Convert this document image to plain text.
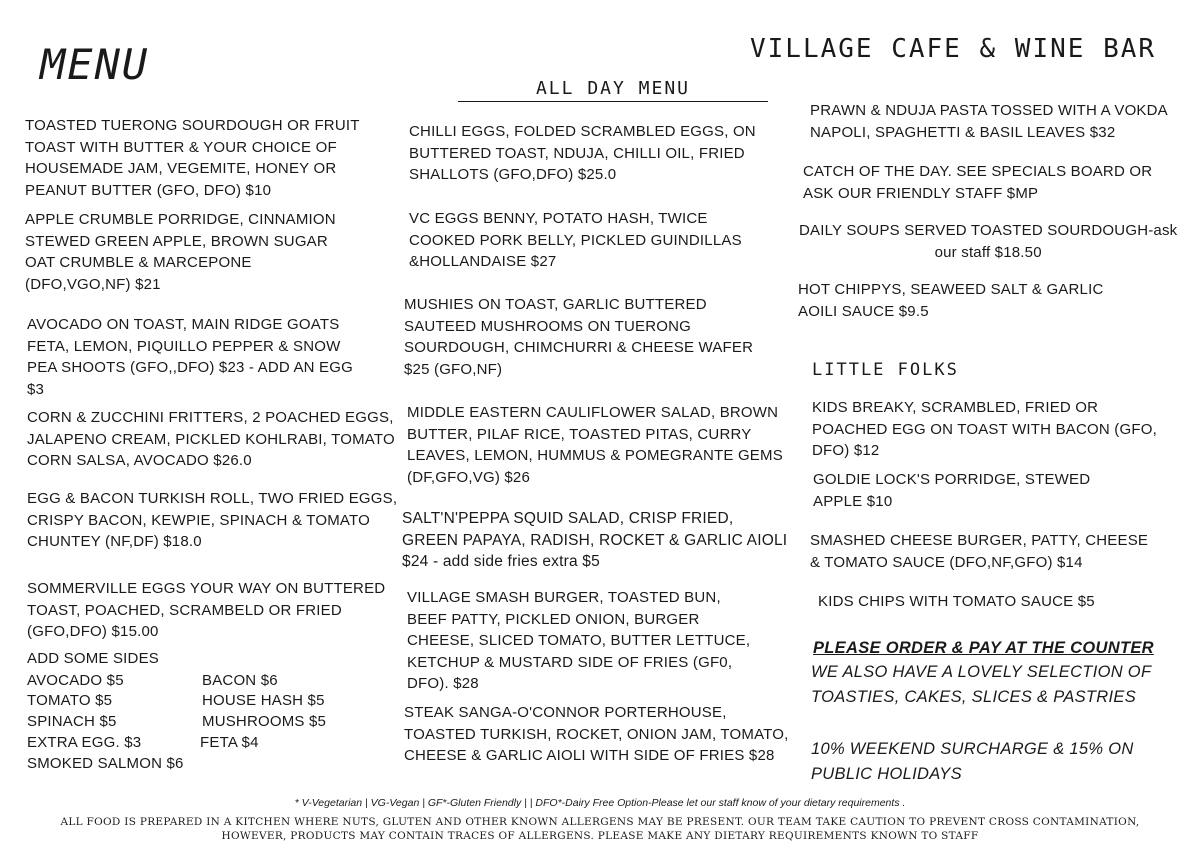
MENU	VILLAGE CAFE & WINE BAR
ALL DAY MENU
TOASTED TUERONG SOURDOUGH OR FRUIT
TOAST WITH BUTTER & YOUR CHOICE OF
HOUSEMADE JAM, VEGEMITE, HONEY OR
PEANUT BUTTER (GFO, DFO) $10
APPLE CRUMBLE PORRIDGE, CINNAMION
STEWED GREEN APPLE, BROWN SUGAR
OAT CRUMBLE & MARCEPONE
(DFO,VGO,NF) $21
AVOCADO ON TOAST, MAIN RIDGE GOATS
FETA, LEMON, PIQUILLO PEPPER & SNOW
PEA SHOOTS (GFO,,DFO) $23 - ADD AN EGG
$3
CORN & ZUCCHINI FRITTERS, 2 POACHED EGGS,
JALAPENO CREAM, PICKLED KOHLRABI, TOMATO
CORN SALSA, AVOCADO $26.0
EGG & BACON TURKISH ROLL, TWO FRIED EGGS,
CRISPY BACON, KEWPIE, SPINACH & TOMATO
CHUNTEY (NF,DF) $18.0
SOMMERVILLE EGGS YOUR WAY ON BUTTERED
TOAST, POACHED, SCRAMBELD OR FRIED
(GFO,DFO) $15.00
ADD SOME SIDES
AVOCADO $5
TOMATO $5
SPINACH $5
EXTRA EGG. $3
SMOKED SALMON $6
BACON $6
HOUSE HASH $5
MUSHROOMS $5
FETA $4
CHILLI EGGS, FOLDED SCRAMBLED EGGS, ON
BUTTERED TOAST, NDUJA, CHILLI OIL, FRIED
SHALLOTS (GFO,DFO) $25.0
VC EGGS BENNY, POTATO HASH, TWICE
COOKED PORK BELLY, PICKLED GUINDILLAS
&HOLLANDAISE $27
MUSHIES ON TOAST, GARLIC BUTTERED
SAUTEED MUSHROOMS ON TUERONG
SOURDOUGH, CHIMCHURRI & CHEESE WAFER
$25 (GFO,NF)
MIDDLE EASTERN CAULIFLOWER SALAD, BROWN
BUTTER, PILAF RICE, TOASTED PITAS, CURRY
LEAVES, LEMON, HUMMUS & POMEGRANTE GEMS
(DF,GFO,VG) $26
SALT'N'PEPPA SQUID SALAD, CRISP FRIED,
GREEN PAPAYA, RADISH, ROCKET & GARLIC AIOLI
$24 - add side fries extra $5
VILLAGE SMASH BURGER, TOASTED BUN,
BEEF PATTY, PICKLED ONION, BURGER
CHEESE, SLICED TOMATO, BUTTER LETTUCE,
KETCHUP & MUSTARD SIDE OF FRIES (GF0,
DFO). $28
STEAK SANGA-O'CONNOR PORTERHOUSE,
TOASTED TURKISH, ROCKET, ONION JAM, TOMATO,
CHEESE & GARLIC AIOLI WITH SIDE OF FRIES $28
PRAWN & NDUJA PASTA TOSSED WITH A VOKDA
NAPOLI, SPAGHETTI & BASIL LEAVES $32
CATCH OF THE DAY. SEE SPECIALS BOARD OR
ASK OUR FRIENDLY STAFF $MP
DAILY SOUPS SERVED TOASTED SOURDOUGH-ask
our staff $18.50
HOT CHIPPYS, SEAWEED SALT & GARLIC
AOILI SAUCE $9.5
LITTLE FOLKS
KIDS BREAKY, SCRAMBLED, FRIED OR
POACHED EGG ON TOAST WITH BACON (GFO,
DFO) $12
GOLDIE LOCK'S PORRIDGE, STEWED
APPLE $10
SMASHED CHEESE BURGER, PATTY, CHEESE
& TOMATO SAUCE (DFO,NF,GFO) $14
KIDS CHIPS WITH TOMATO SAUCE $5
PLEASE ORDER & PAY AT THE COUNTER
WE ALSO HAVE A LOVELY SELECTION OF
TOASTIES, CAKES, SLICES & PASTRIES
10% WEEKEND SURCHARGE & 15% ON
PUBLIC HOLIDAYS
* V-Vegetarian | VG-Vegan | GF*-Gluten Friendly | | DFO*-Dairy Free Option-Please let our staff know of your dietary requirements .
ALL FOOD IS PREPARED IN A KITCHEN WHERE NUTS, GLUTEN AND OTHER KNOWN ALLERGENS MAY BE PRESENT. OUR TEAM TAKE CAUTION TO PREVENT CROSS CONTAMINATION,
HOWEVER, PRODUCTS MAY CONTAIN TRACES OF ALLERGENS. PLEASE MAKE ANY DIETARY REQUIREMENTS KNOWN TO STAFF
